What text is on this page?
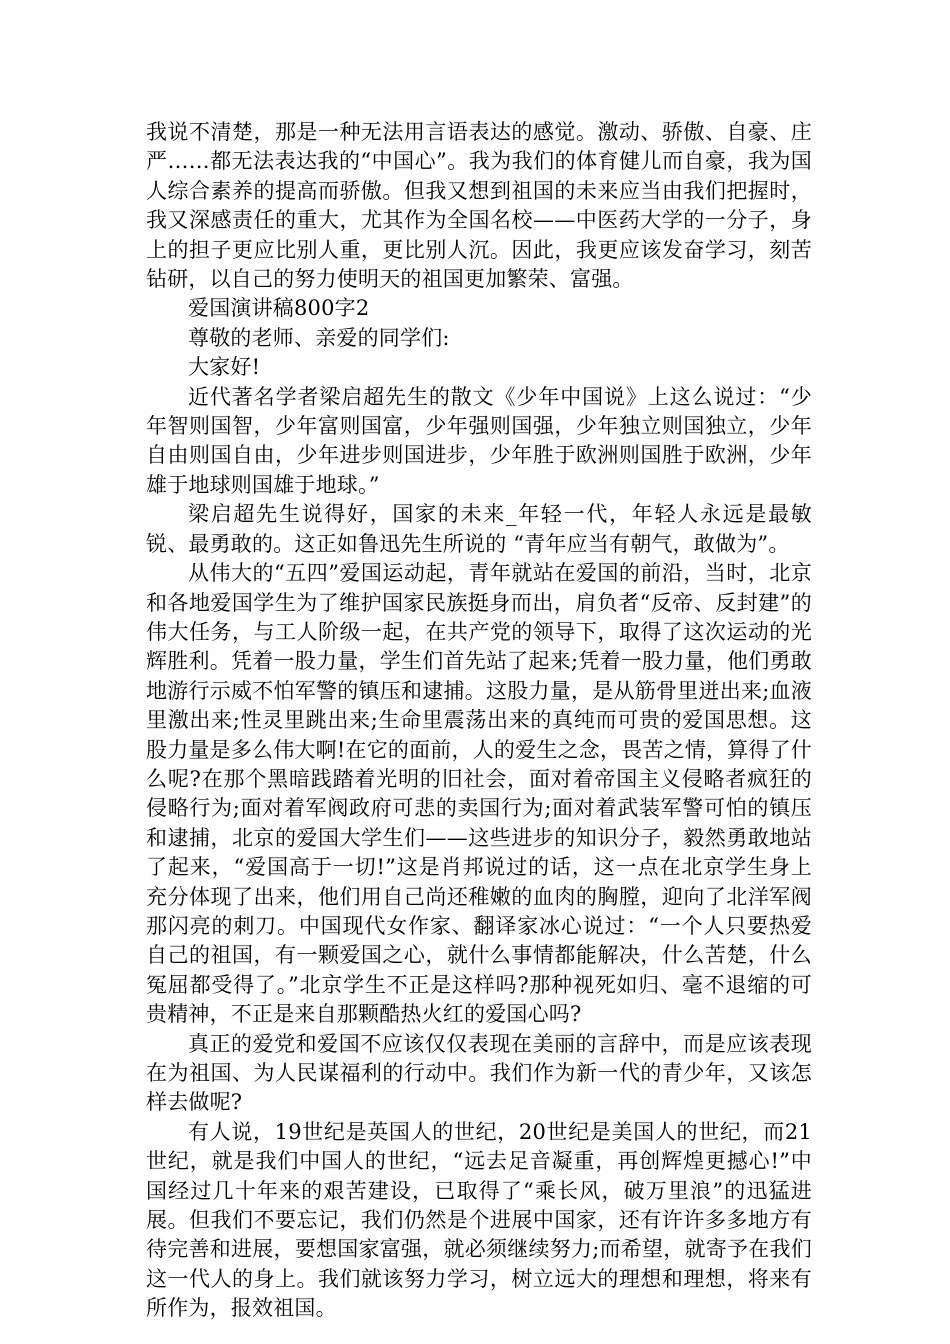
我说不清楚，那是一种无法用言语表达的感觉。激动、骄傲、自豪、庄严……都无法表达我的“中国心”。我为我们的体育健儿而自豪，我为国人综合素养的提高而骄傲。但我又想到祖国的未来应当由我们把握时，我又深感责任的重大，尤其作为全国名校——中医药大学的一分子，身上的担子更应比别人重，更比别人沉。因此，我更应该发奋学习，刻苦钻研，以自己的努力使明天的祖国更加繁荣、富强。

爱国演讲稿800字2

尊敬的老师、亲爱的同学们:

大家好!

近代著名学者梁启超先生的散文《少年中国说》上这么说过：“少年智则国智，少年富则国富，少年强则国强，少年独立则国独立，少年自由则国自由，少年进步则国进步，少年胜于欧洲则国胜于欧洲，少年雄于地球则国雄于地球。”

梁启超先生说得好，国家的未来_年轻一代，年轻人永远是最敏锐、最勇敢的。这正如鲁迅先生所说的 “青年应当有朝气，敢做为”。

从伟大的“五四”爱国运动起，青年就站在爱国的前沿，当时，北京和各地爱国学生为了维护国家民族挺身而出，肩负者“反帝、反封建”的伟大任务，与工人阶级一起，在共产党的领导下，取得了这次运动的光辉胜利。凭着一股力量，学生们首先站了起来;凭着一股力量，他们勇敢地游行示威不怕军警的镇压和逮捕。这股力量，是从筋骨里迸出来;血液里激出来;性灵里跳出来;生命里震荡出来的真纯而可贵的爱国思想。这股力量是多么伟大啊!在它的面前，人的爱生之念，畏苦之情，算得了什么呢?在那个黑暗践踏着光明的旧社会，面对着帝国主义侵略者疯狂的侵略行为;面对着军阀政府可悲的卖国行为;面对着武装军警可怕的镇压和逮捕，北京的爱国大学生们——这些进步的知识分子，毅然勇敢地站了起来，“爱国高于一切!”这是肖邦说过的话，这一点在北京学生身上充分体现了出来，他们用自己尚还稚嫩的血肉的胸膛，迎向了北洋军阀那闪亮的刺刀。中国现代女作家、翻译家冰心说过：“一个人只要热爱自己的祖国，有一颗爱国之心，就什么事情都能解决，什么苦楚，什么冤屈都受得了。”北京学生不正是这样吗?那种视死如归、毫不退缩的可贵精神，不正是来自那颗酷热火红的爱国心吗?

真正的爱党和爱国不应该仅仅表现在美丽的言辞中，而是应该表现在为祖国、为人民谋福利的行动中。我们作为新一代的青少年，又该怎样去做呢?

有人说，19世纪是英国人的世纪，20世纪是美国人的世纪，而21世纪，就是我们中国人的世纪，“远去足音凝重，再创辉煌更撼心!”中国经过几十年来的艰苦建设，已取得了“乘长风，破万里浪”的迅猛进展。但我们不要忘记，我们仍然是个进展中国家，还有许许多多地方有待完善和进展，要想国家富强，就必须继续努力;而希望，就寄予在我们这一代人的身上。我们就该努力学习，树立远大的理想和理想，将来有所作为，报效祖国。
